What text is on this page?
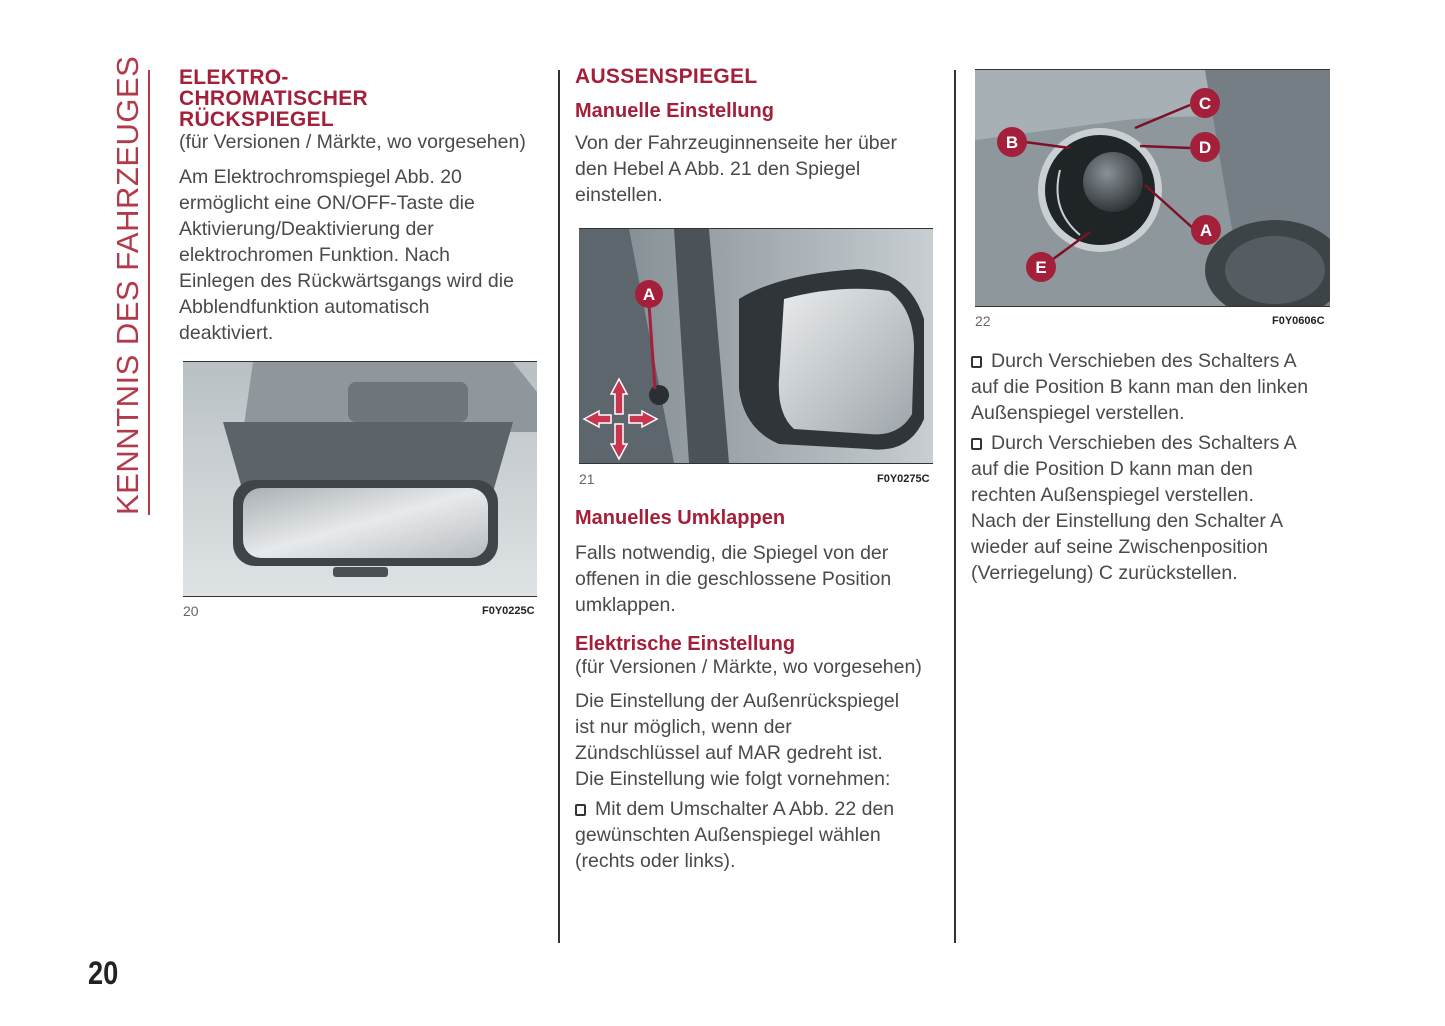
KENNTNIS DES FAHRZEUGES ELEKTRO-
CHROMATISCHER
RÜCKSPIEGEL
(für Versionen / Märkte, wo vorgesehen)

Am Elektrochromspiegel Abb. 20

ermöglicht eine ON/OFF-Taste die

Aktivierung/Deaktivierung der

elektrochromen Funktion. Nach

Einlegen des Rückwärtsgangs wird die

Abblendfunktion automatisch

deaktiviert.

20	F0Y0225C
AUSSENSPIEGEL
Manuelle Einstellung

Von der Fahrzeuginnenseite her über

den Hebel A Abb. 21 den Spiegel

einstellen.

A
21	F0Y0275C
Manuelles Umklappen

Falls notwendig, die Spiegel von der

offenen in die geschlossene Position

umklappen.

Elektrische Einstellung
(für Versionen / Märkte, wo vorgesehen)

Die Einstellung der Außenrückspiegel

ist nur möglich, wenn der

Zündschlüssel auf MAR gedreht ist.

Die Einstellung wie folgt vornehmen:

Mit dem Umschalter A Abb. 22 den

gewünschten Außenspiegel wählen

(rechts oder links).

C
B	D
A
E
22	F0Y0606C

Durch Verschieben des Schalters A

auf die Position B kann man den linken

Außenspiegel verstellen.

Durch Verschieben des Schalters A

auf die Position D kann man den

rechten Außenspiegel verstellen.

Nach der Einstellung den Schalter A

wieder auf seine Zwischenposition

(Verriegelung) C zurückstellen.

20
